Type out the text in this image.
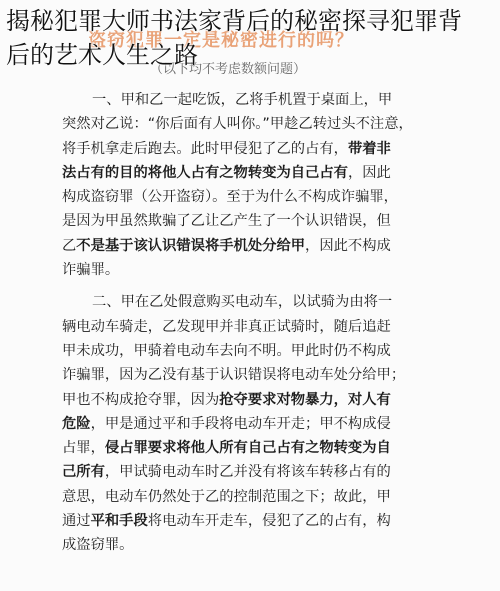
揭秘犯罪大师书法家背后的秘密探寻犯罪背
后的艺术人生之路
盗窃犯罪一定是秘密进行的吗？
（以下均不考虑数额问题）
一、甲和乙一起吃饭，乙将手机置于桌面上，甲
突然对乙说：“你后面有人叫你。”甲趁乙转过头不注意，
将手机拿走后跑去。此时甲侵犯了乙的占有，带着非
法占有的目的将他人占有之物转变为自己占有，因此
构成盗窃罪（公开盗窃）。至于为什么不构成诈骗罪，
是因为甲虽然欺骗了乙让乙产生了一个认识错误，但
乙不是基于该认识错误将手机处分给甲，因此不构成
诈骗罪。
二、甲在乙处假意购买电动车，以试骑为由将一
辆电动车骑走，乙发现甲并非真正试骑时，随后追赶
甲未成功，甲骑着电动车去向不明。甲此时仍不构成
诈骗罪，因为乙没有基于认识错误将电动车处分给甲；
甲也不构成抢夺罪，因为抢夺要求对物暴力，对人有
危险，甲是通过平和手段将电动车开走；甲不构成侵
占罪，侵占罪要求将他人所有自己占有之物转变为自
己所有，甲试骑电动车时乙并没有将该车转移占有的
意思，电动车仍然处于乙的控制范围之下；故此，甲
通过平和手段将电动车开走车，侵犯了乙的占有，构
成盗窃罪。
